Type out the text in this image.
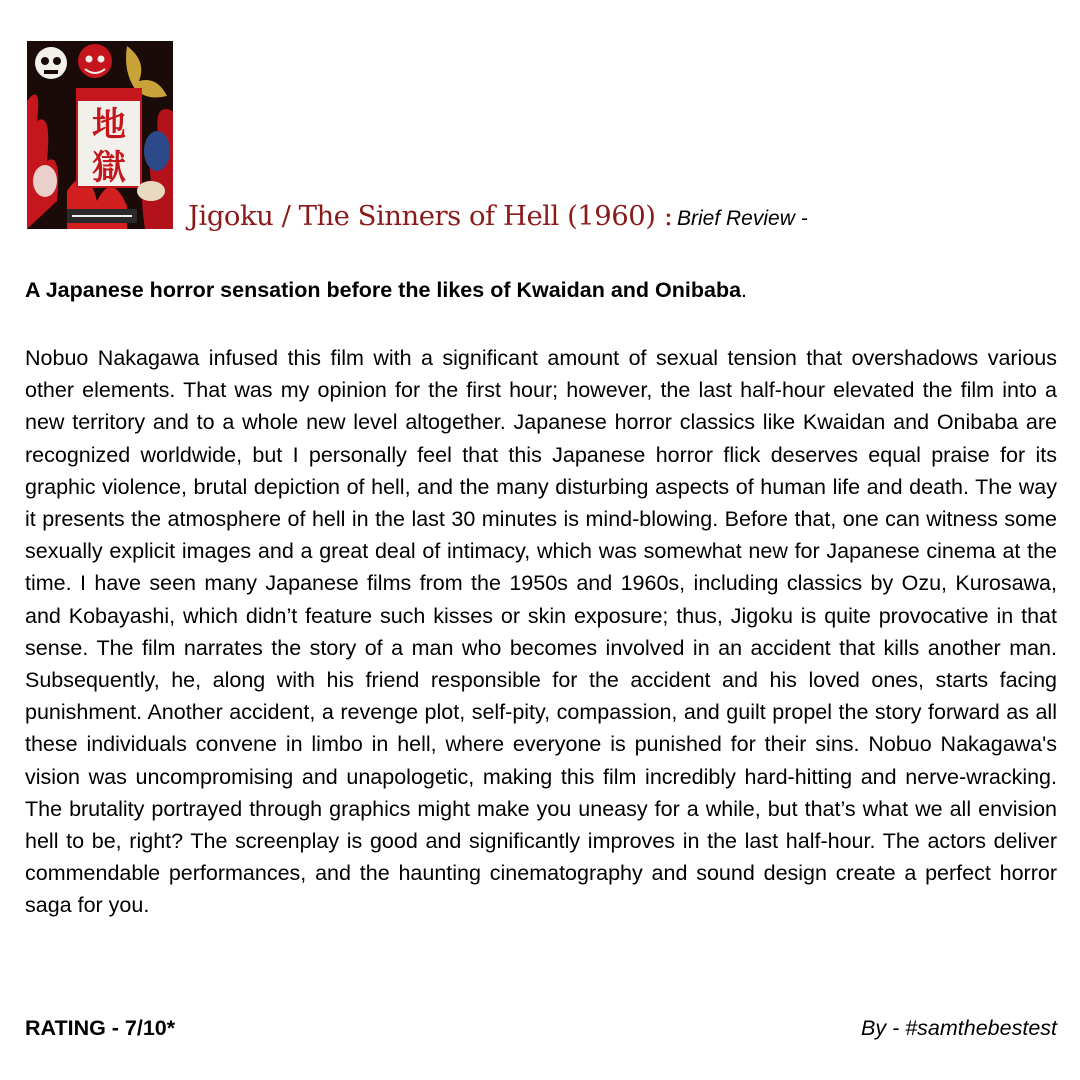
地
獄
Jigoku / The Sinners of Hell (1960) : Brief Review -
A Japanese horror sensation before the likes of Kwaidan and Onibaba.
Nobuo Nakagawa infused this film with a significant amount of sexual tension that overshadows various other elements. That was my opinion for the first hour; however, the last half-hour elevated the film into a new territory and to a whole new level altogether. Japanese horror classics like Kwaidan and Onibaba are recognized worldwide, but I personally feel that this Japanese horror flick deserves equal praise for its graphic violence, brutal depiction of hell, and the many disturbing aspects of human life and death. The way it presents the atmosphere of hell in the last 30 minutes is mind-blowing. Before that, one can witness some sexually explicit images and a great deal of intimacy, which was somewhat new for Japanese cinema at the time. I have seen many Japanese films from the 1950s and 1960s, including classics by Ozu, Kurosawa, and Kobayashi, which didn’t feature such kisses or skin exposure; thus, Jigoku is quite provocative in that sense. The film narrates the story of a man who becomes involved in an accident that kills another man. Subsequently, he, along with his friend responsible for the accident and his loved ones, starts facing punishment. Another accident, a revenge plot, self-pity, compassion, and guilt propel the story forward as all these individuals convene in limbo in hell, where everyone is punished for their sins. Nobuo Nakagawa's vision was uncompromising and unapologetic, making this film incredibly hard-hitting and nerve-wracking. The brutality portrayed through graphics might make you uneasy for a while, but that’s what we all envision hell to be, right? The screenplay is good and significantly improves in the last half-hour. The actors deliver commendable performances, and the haunting cinematography and sound design create a perfect horror saga for you.
RATING - 7/10*	By - #samthebestest
